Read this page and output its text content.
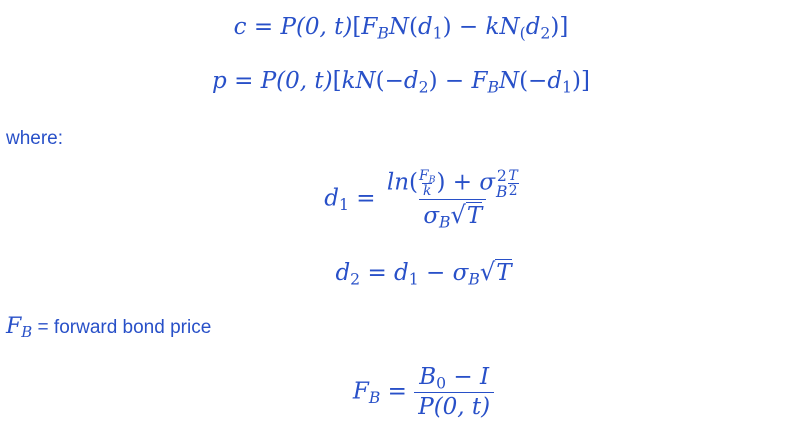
c = P(0, $t)[F_BN(d_1) - kN_(d_2)$]
p = P(0, $t)[kN(-d_2) - F_BN(-d_1)]$
where:
$d_1 = \ln( \frac{F_B}{k}$ ) + σ 2
B $\frac{T}{2}$
$\sigma_B√T$
$d_2 = d_1 - \sigma_B√T$
$F_B$ = forward bond price
$F_B = \frac{B_0 - I}{P(0, t)}$
